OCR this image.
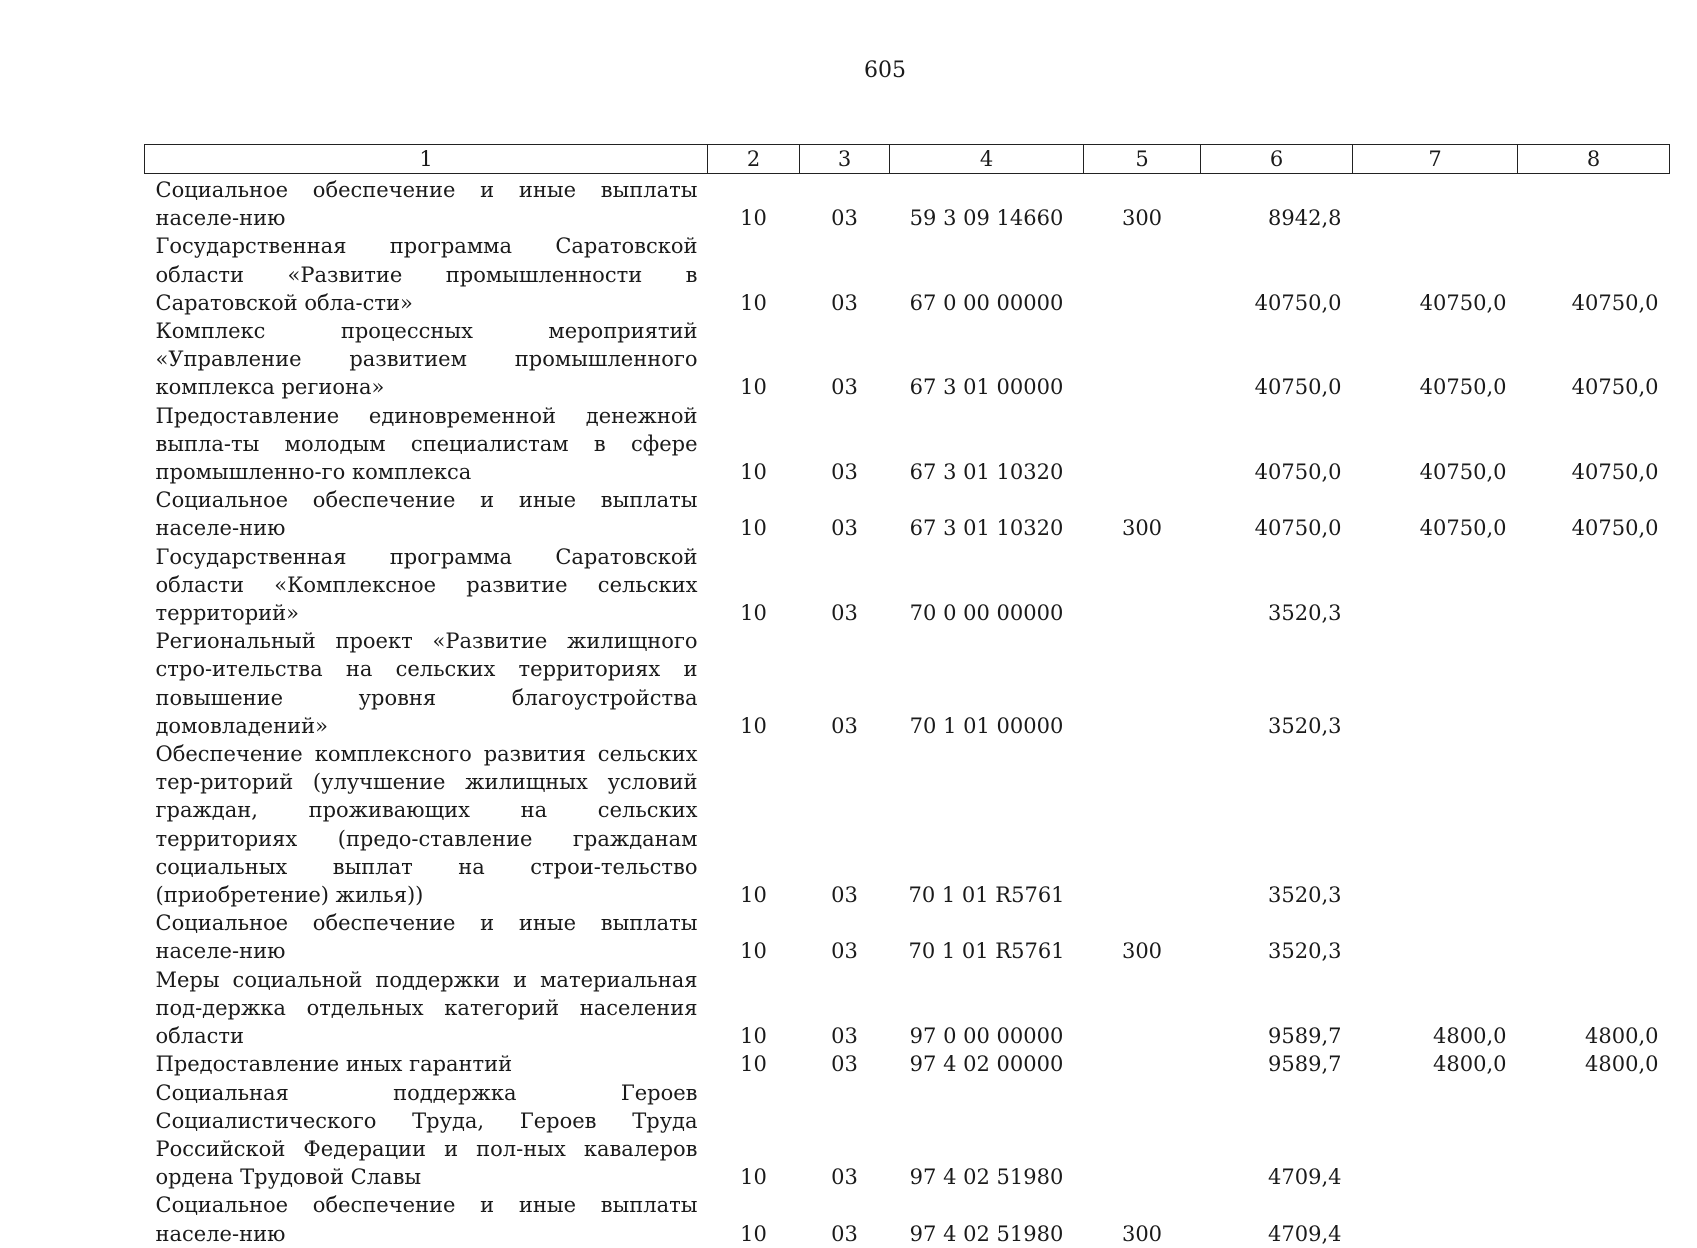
605
1	2	3	4	5	6	7	8
Социальное обеспечение и иные выплаты населе-нию	10	03	59 3 09 14660	300	8942,8		
Государственная программа Саратовской области «Развитие промышленности в Саратовской обла-сти»	10	03	67 0 00 00000		40750,0	40750,0	40750,0
Комплекс процессных мероприятий «Управление развитием промышленного комплекса региона»	10	03	67 3 01 00000		40750,0	40750,0	40750,0
Предоставление единовременной денежной выпла-ты молодым специалистам в сфере промышленно-го комплекса	10	03	67 3 01 10320		40750,0	40750,0	40750,0
Социальное обеспечение и иные выплаты населе-нию	10	03	67 3 01 10320	300	40750,0	40750,0	40750,0
Государственная программа Саратовской области «Комплексное развитие сельских территорий»	10	03	70 0 00 00000		3520,3		
Региональный проект «Развитие жилищного стро-ительства на сельских территориях и повышение уровня благоустройства домовладений»	10	03	70 1 01 00000		3520,3		
Обеспечение комплексного развития сельских тер-риторий (улучшение жилищных условий граждан, проживающих на сельских территориях (предо-ставление гражданам социальных выплат на строи-тельство (приобретение) жилья))	10	03	70 1 01 R5761		3520,3		
Социальное обеспечение и иные выплаты населе-нию	10	03	70 1 01 R5761	300	3520,3		
Меры социальной поддержки и материальная под-держка отдельных категорий населения области	10	03	97 0 00 00000		9589,7	4800,0	4800,0
Предоставление иных гарантий	10	03	97 4 02 00000		9589,7	4800,0	4800,0
Социальная поддержка Героев Социалистического Труда, Героев Труда Российской Федерации и пол-ных кавалеров ордена Трудовой Славы	10	03	97 4 02 51980		4709,4		
Социальное обеспечение и иные выплаты населе-нию	10	03	97 4 02 51980	300	4709,4		
